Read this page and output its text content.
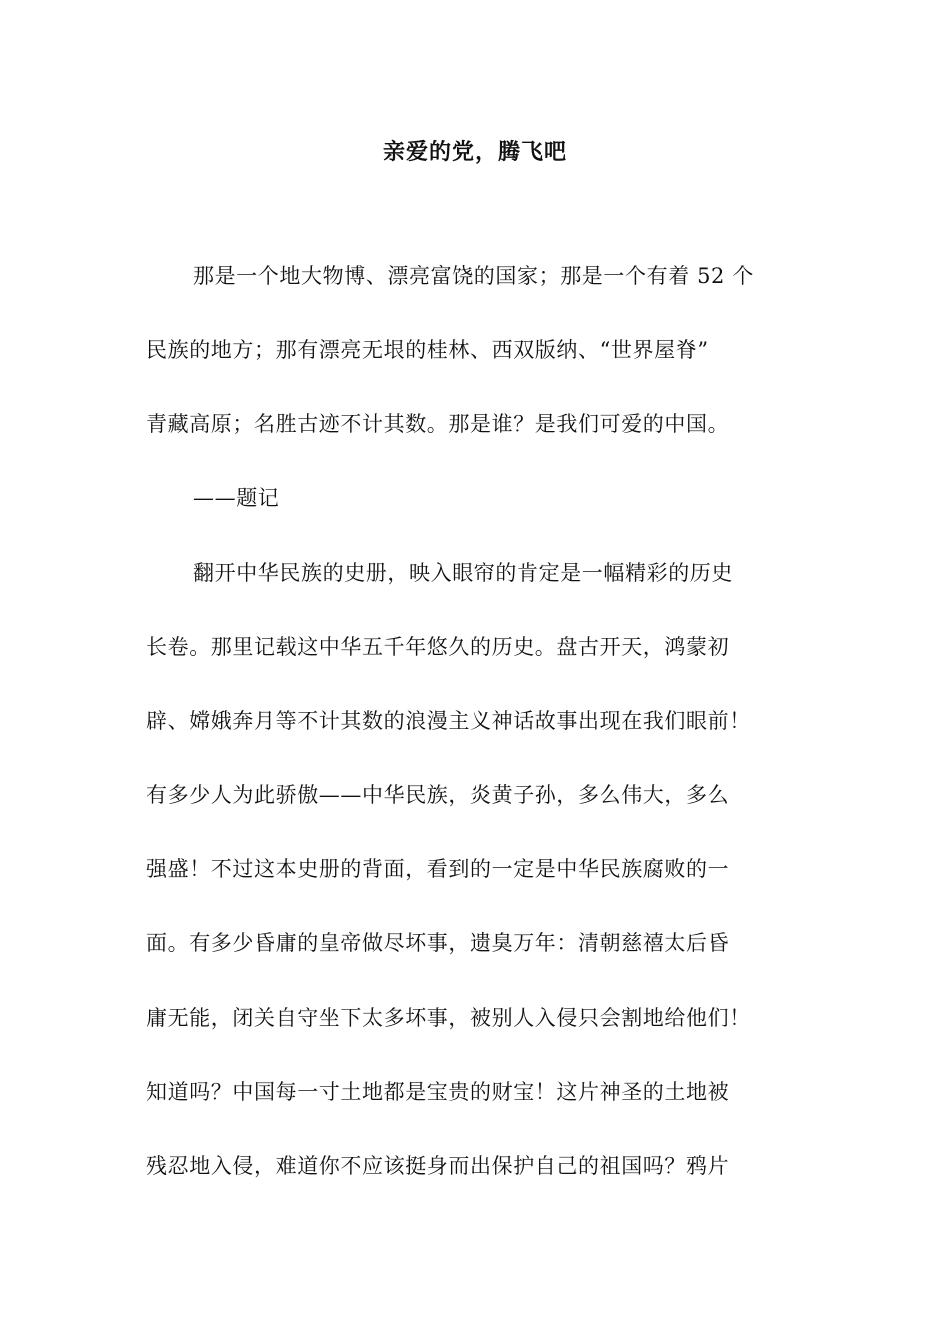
亲爱的党，腾飞吧
那是一个地大物博、漂亮富饶的国家；那是一个有着 52 个
民族的地方；那有漂亮无垠的桂林、西双版纳、“世界屋脊”
青藏高原；名胜古迹不计其数。那是谁？是我们可爱的中国。
——题记
翻开中华民族的史册，映入眼帘的肯定是一幅精彩的历史
长卷。那里记载这中华五千年悠久的历史。盘古开天，鸿蒙初
辟、嫦娥奔月等不计其数的浪漫主义神话故事出现在我们眼前！
有多少人为此骄傲——中华民族，炎黄子孙，多么伟大，多么
强盛！不过这本史册的背面，看到的一定是中华民族腐败的一
面。有多少昏庸的皇帝做尽坏事，遗臭万年：清朝慈禧太后昏
庸无能，闭关自守坐下太多坏事，被别人入侵只会割地给他们！
知道吗？中国每一寸土地都是宝贵的财宝！这片神圣的土地被
残忍地入侵，难道你不应该挺身而出保护自己的祖国吗？鸦片
